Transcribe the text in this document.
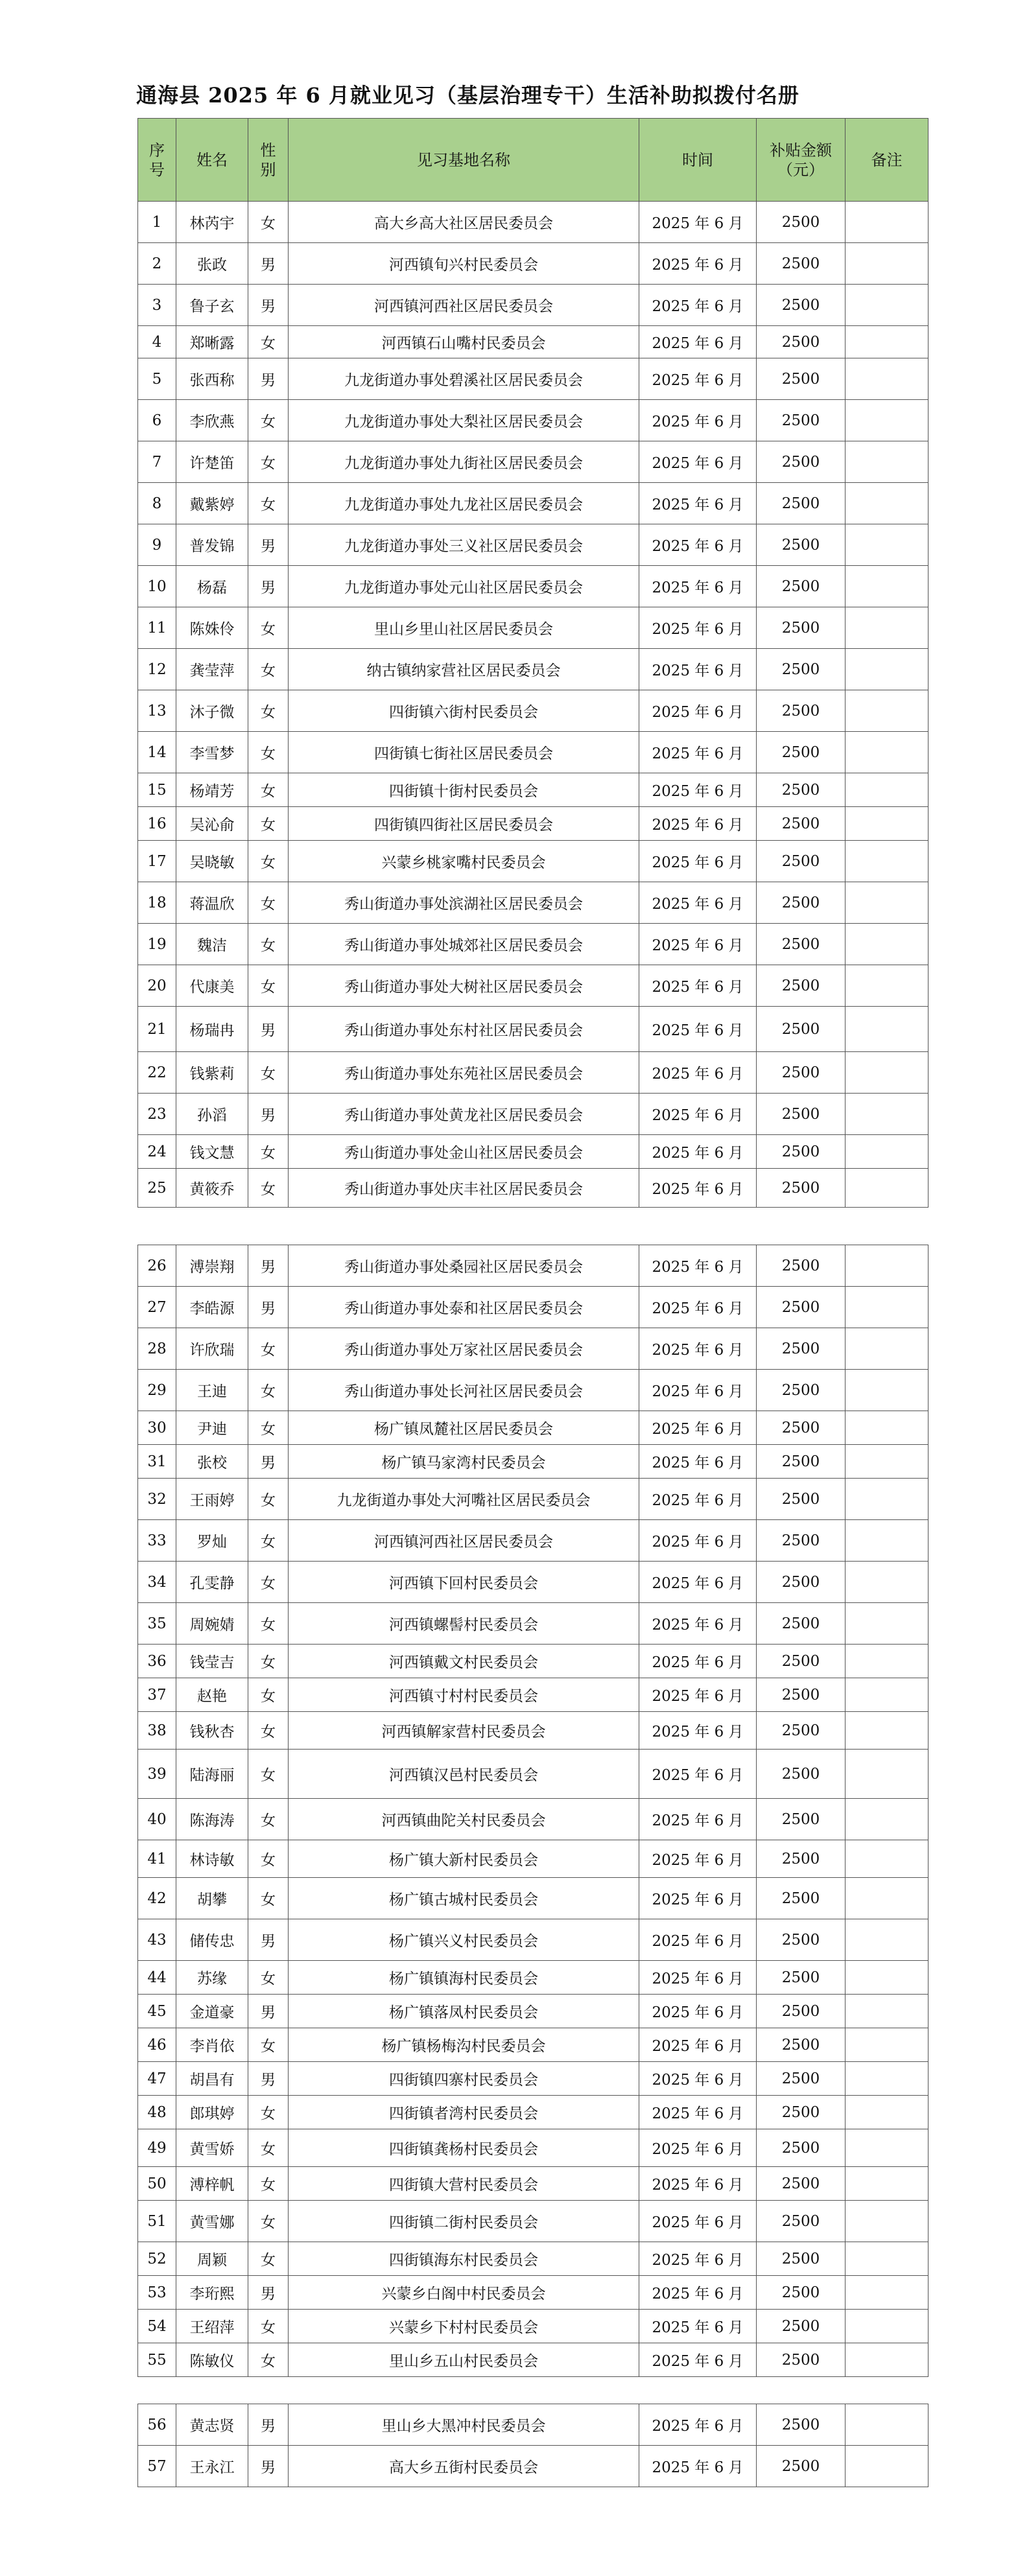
通海县 2025 年 6 月就业见习（基层治理专干）生活补助拟拨付名册
序号	姓名	性别	见习基地名称	时间	补贴金额（元）	备注
1	林芮宇	女	高大乡高大社区居民委员会	2025 年 6 月	2500	
2	张政	男	河西镇旬兴村民委员会	2025 年 6 月	2500	
3	鲁子玄	男	河西镇河西社区居民委员会	2025 年 6 月	2500	
4	郑晰露	女	河西镇石山嘴村民委员会	2025 年 6 月	2500	
5	张西称	男	九龙街道办事处碧溪社区居民委员会	2025 年 6 月	2500	
6	李欣燕	女	九龙街道办事处大梨社区居民委员会	2025 年 6 月	2500	
7	许楚笛	女	九龙街道办事处九街社区居民委员会	2025 年 6 月	2500	
8	戴紫婷	女	九龙街道办事处九龙社区居民委员会	2025 年 6 月	2500	
9	普发锦	男	九龙街道办事处三义社区居民委员会	2025 年 6 月	2500	
10	杨磊	男	九龙街道办事处元山社区居民委员会	2025 年 6 月	2500	
11	陈姝伶	女	里山乡里山社区居民委员会	2025 年 6 月	2500	
12	龚莹萍	女	纳古镇纳家营社区居民委员会	2025 年 6 月	2500	
13	沐子微	女	四街镇六街村民委员会	2025 年 6 月	2500	
14	李雪梦	女	四街镇七街社区居民委员会	2025 年 6 月	2500	
15	杨靖芳	女	四街镇十街村民委员会	2025 年 6 月	2500	
16	吴沁俞	女	四街镇四街社区居民委员会	2025 年 6 月	2500	
17	吴晓敏	女	兴蒙乡桃家嘴村民委员会	2025 年 6 月	2500	
18	蒋温欣	女	秀山街道办事处滨湖社区居民委员会	2025 年 6 月	2500	
19	魏洁	女	秀山街道办事处城郊社区居民委员会	2025 年 6 月	2500	
20	代康美	女	秀山街道办事处大树社区居民委员会	2025 年 6 月	2500	
21	杨瑞冉	男	秀山街道办事处东村社区居民委员会	2025 年 6 月	2500	
22	钱紫莉	女	秀山街道办事处东苑社区居民委员会	2025 年 6 月	2500	
23	孙滔	男	秀山街道办事处黄龙社区居民委员会	2025 年 6 月	2500	
24	钱文慧	女	秀山街道办事处金山社区居民委员会	2025 年 6 月	2500	
25	黄筱乔	女	秀山街道办事处庆丰社区居民委员会	2025 年 6 月	2500	
26	溥崇翔	男	秀山街道办事处桑园社区居民委员会	2025 年 6 月	2500	
27	李皓源	男	秀山街道办事处泰和社区居民委员会	2025 年 6 月	2500	
28	许欣瑞	女	秀山街道办事处万家社区居民委员会	2025 年 6 月	2500	
29	王迪	女	秀山街道办事处长河社区居民委员会	2025 年 6 月	2500	
30	尹迪	女	杨广镇凤麓社区居民委员会	2025 年 6 月	2500	
31	张校	男	杨广镇马家湾村民委员会	2025 年 6 月	2500	
32	王雨婷	女	九龙街道办事处大河嘴社区居民委员会	2025 年 6 月	2500	
33	罗灿	女	河西镇河西社区居民委员会	2025 年 6 月	2500	
34	孔雯静	女	河西镇下回村民委员会	2025 年 6 月	2500	
35	周婉婧	女	河西镇螺髻村民委员会	2025 年 6 月	2500	
36	钱莹吉	女	河西镇戴文村民委员会	2025 年 6 月	2500	
37	赵艳	女	河西镇寸村村民委员会	2025 年 6 月	2500	
38	钱秋杏	女	河西镇解家营村民委员会	2025 年 6 月	2500	
39	陆海丽	女	河西镇汉邑村民委员会	2025 年 6 月	2500	
40	陈海涛	女	河西镇曲陀关村民委员会	2025 年 6 月	2500	
41	林诗敏	女	杨广镇大新村民委员会	2025 年 6 月	2500	
42	胡攀	女	杨广镇古城村民委员会	2025 年 6 月	2500	
43	储传忠	男	杨广镇兴义村民委员会	2025 年 6 月	2500	
44	苏缘	女	杨广镇镇海村民委员会	2025 年 6 月	2500	
45	金道豪	男	杨广镇落凤村民委员会	2025 年 6 月	2500	
46	李肖依	女	杨广镇杨梅沟村民委员会	2025 年 6 月	2500	
47	胡昌有	男	四街镇四寨村民委员会	2025 年 6 月	2500	
48	郎琪婷	女	四街镇者湾村民委员会	2025 年 6 月	2500	
49	黄雪娇	女	四街镇龚杨村民委员会	2025 年 6 月	2500	
50	溥梓帆	女	四街镇大营村民委员会	2025 年 6 月	2500	
51	黄雪娜	女	四街镇二街村民委员会	2025 年 6 月	2500	
52	周颖	女	四街镇海东村民委员会	2025 年 6 月	2500	
53	李珩熙	男	兴蒙乡白阁中村民委员会	2025 年 6 月	2500	
54	王绍萍	女	兴蒙乡下村村民委员会	2025 年 6 月	2500	
55	陈敏仪	女	里山乡五山村民委员会	2025 年 6 月	2500	
56	黄志贤	男	里山乡大黑冲村民委员会	2025 年 6 月	2500	
57	王永江	男	高大乡五街村民委员会	2025 年 6 月	2500	
